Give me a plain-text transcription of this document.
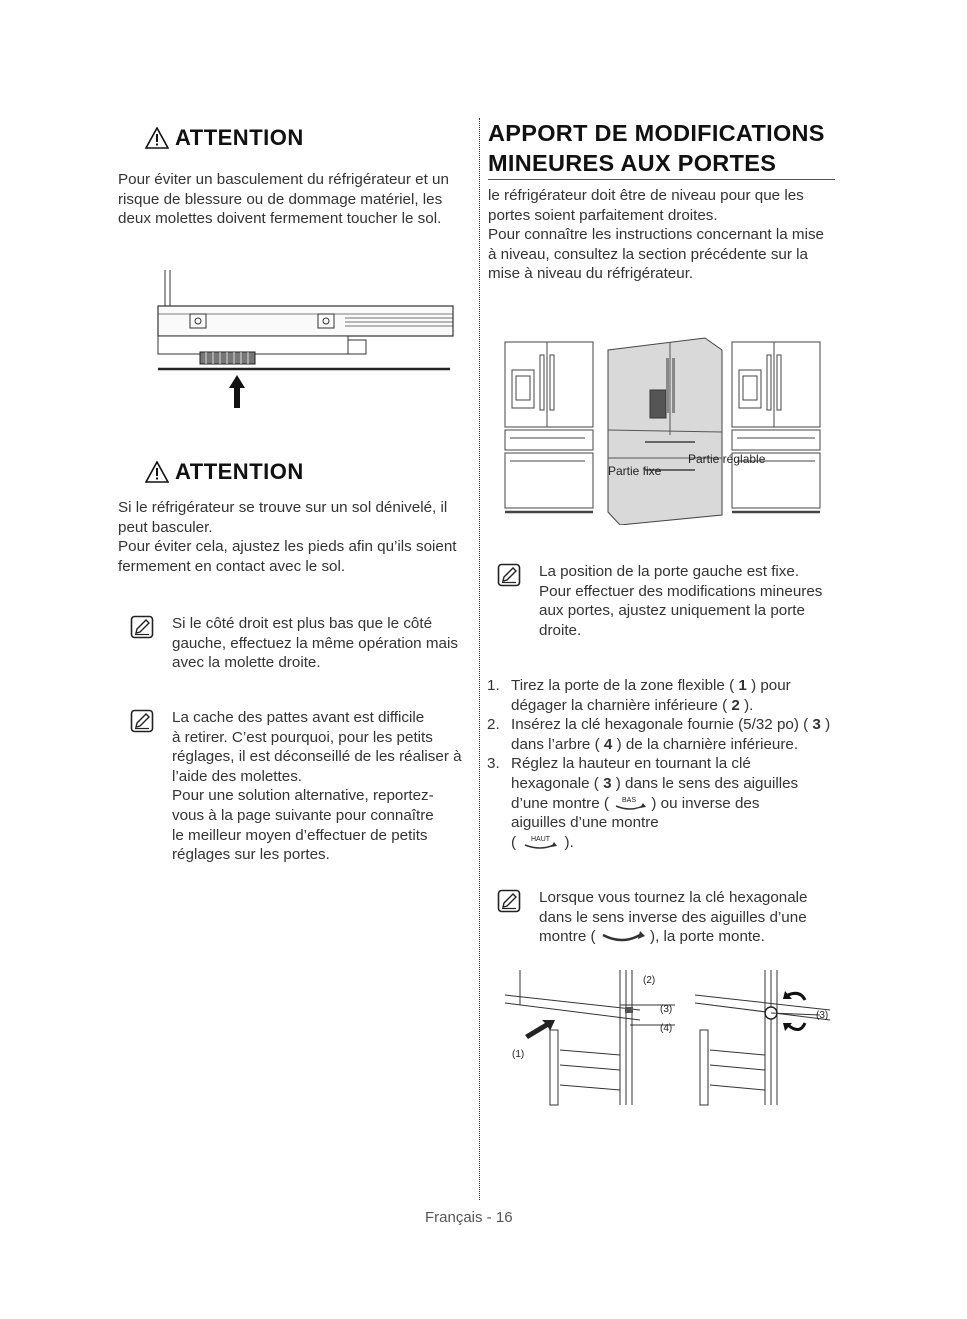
ATTENTION
Pour éviter un basculement du réfrigérateur et un
risque de blessure ou de dommage matériel, les
deux molettes doivent fermement toucher le sol.
ATTENTION
Si le réfrigérateur se trouve sur un sol dénivelé, il
peut basculer.
Pour éviter cela, ajustez les pieds afin qu’ils soient
fermement en contact avec le sol.
Si le côté droit est plus bas que le côté
gauche, effectuez la même opération mais
avec la molette droite.
La cache des pattes avant est difficile
à retirer. C’est pourquoi, pour les petits
réglages, il est déconseillé de les réaliser à
l’aide des molettes.
Pour une solution alternative, reportez-
vous à la page suivante pour connaître
le meilleur moyen d’effectuer de petits
réglages sur les portes.
APPORT DE MODIFICATIONS
MINEURES AUX PORTES
le réfrigérateur doit être de niveau pour que les
portes soient parfaitement droites.
Pour connaître les instructions concernant la mise
à niveau, consultez la section précédente sur la
mise à niveau du réfrigérateur.
Partie fixe
Partie réglable
La position de la porte gauche est fixe.
Pour effectuer des modifications mineures
aux portes, ajustez uniquement la porte
droite.
1. Tirez la porte de la zone flexible ( 1 ) pour
dégager la charnière inférieure ( 2 ).
2. Insérez la clé hexagonale fournie (5/32 po) ( 3 )
dans l’arbre ( 4 ) de la charnière inférieure.
3. Réglez la hauteur en tournant la clé
hexagonale ( 3 ) dans le sens des aiguilles
d’une montre ( BAS ) ou inverse des
aiguilles d’une montre
( HAUT ).
Lorsque vous tournez la clé hexagonale
dans le sens inverse des aiguilles d’une
montre (	), la porte monte.
(2)
(3)
(4)
(1)
(3)
Français - 16
